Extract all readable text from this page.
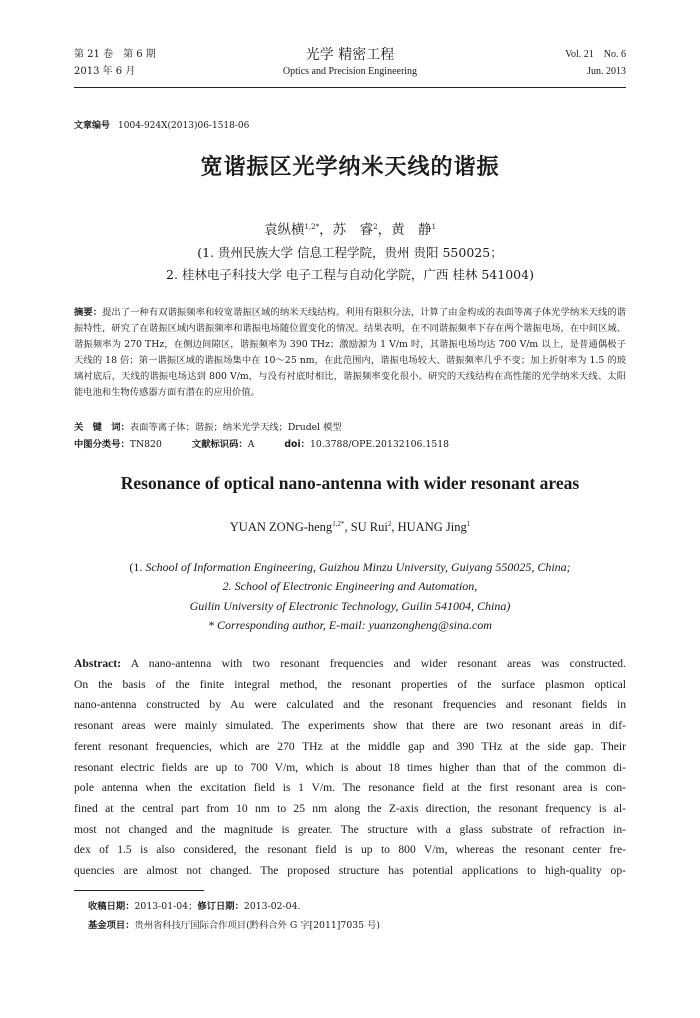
第 21 卷　第 6 期
2013 年 6 月
光学 精密工程
Optics and Precision Engineering
Vol. 21　No. 6
Jun. 2013
文章编号 1004-924X(2013)06-1518-06
宽谐振区光学纳米天线的谐振
袁纵横$^{1,2*}$，苏　睿$^2$，黄　静$^1$
(1. 贵州民族大学 信息工程学院，贵州 贵阳 550025；
2. 桂林电子科技大学 电子工程与自动化学院，广西 桂林 541004)
摘要：提出了一种有双谐振频率和较宽谐振区域的纳米天线结构。利用有限积分法，计算了由金构成的表面等离子体光学纳米天线的谐振特性，研究了在谐振区域内谐振频率和谐振电场随位置变化的情况。结果表明，在不同谐振频率下存在两个谐振电场，在中间区域、谐振频率为 270 THz，在侧边间隙区，谐振频率为 390 THz；激励源为 1 V/m 时，其谐振电场均达 700 V/m 以上，是普通偶极子天线的 18 倍；第一谐振区域的谐振场集中在 10～25 nm，在此范围内，谐振电场较大、谐振频率几乎不变；加上折射率为 1.5 的玻璃衬底后，天线的谐振电场达到 800 V/m，与没有衬底时相比，谐振频率变化很小。研究的天线结构在高性能的光学纳米天线、太阳能电池和生物传感器方面有潜在的应用价值。
关　键　词：表面等离子体；谐振；纳米光学天线；Drudel 模型
中图分类号：TN820	文献标识码：A	doi：10.3788/OPE.20132106.1518
Resonance of optical nano-antenna with wider resonant areas
YUAN ZONG-heng$^{1,2*}$, SU Rui$^2$, HUANG Jing$^1$
(1. School of Information Engineering, Guizhou Minzu University, Guiyang 550025, China;
2. School of Electronic Engineering and Automation,
Guilin University of Electronic Technology, Guilin 541004, China)
* Corresponding author, E-mail: yuanzongheng@sina.com
Abstract: A nano-antenna with two resonant frequencies and wider resonant areas was constructed.
On the basis of the finite integral method, the resonant properties of the surface plasmon optical
nano-antenna constructed by Au were calculated and the resonant frequencies and resonant fields in
resonant areas were mainly simulated. The experiments show that there are two resonant areas in dif-
ferent resonant frequencies, which are 270 THz at the middle gap and 390 THz at the side gap. Their
resonant electric fields are up to 700 V/m, which is about 18 times higher than that of the common di-
pole antenna when the excitation field is 1 V/m. The resonance field at the first resonant area is con-
fined at the central part from 10 nm to 25 nm along the Z-axis direction, the resonant frequency is al-
most not changed and the magnitude is greater. The structure with a glass substrate of refraction in-
dex of 1.5 is also considered, the resonant field is up to 800 V/m, whereas the resonant center fre-
quencies are almost not changed. The proposed structure has potential applications to high-quality op-
收稿日期：2013-01-04；修订日期：2013-02-04.
基金项目：贵州省科技厅国际合作项目(黔科合外 G 字[2011]7035 号)
